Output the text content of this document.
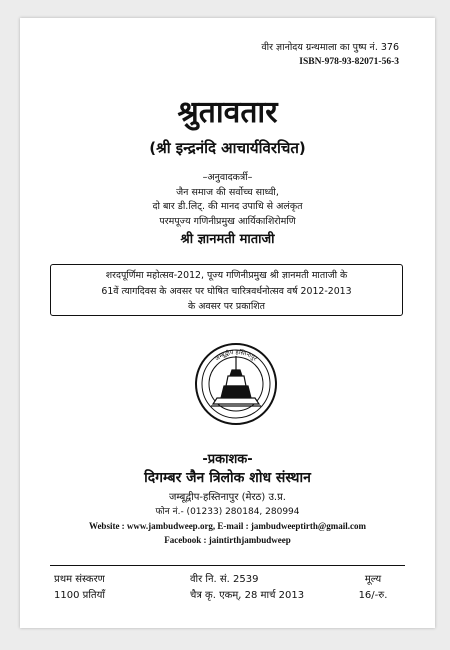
वीर ज्ञानोदय ग्रन्थमाला का पुष्प नं. 376
ISBN-978-93-82071-56-3
श्रुतावतार
(श्री इन्द्रनंदि आचार्यविरचित)
–अनुवादकर्त्री–
जैन समाज की सर्वोच्च साध्वी,
दो बार डी.लिट्. की मानद उपाधि से अलंकृत
परमपूज्य गणिनीप्रमुख आर्यिकाशिरोमणि
श्री ज्ञानमती माताजी
शरदपूर्णिमा महोत्सव-2012, पूज्य गणिनीप्रमुख श्री ज्ञानमती माताजी के
61वें त्यागदिवस के अवसर पर घोषित चारित्रवर्धनोत्सव वर्ष 2012-2013
के अवसर पर प्रकाशित
जम्बूद्वीप हस्तिनापुर
-प्रकाशक-
दिगम्बर जैन त्रिलोक शोध संस्थान
जम्बूद्वीप-हस्तिनापुर (मेरठ) उ.प्र.
फोन नं.- (01233) 280184, 280994
Website : www.jambudweep.org, E-mail : jambudweeptirth@gmail.com
Facebook : jaintirthjambudweep
प्रथम संस्करण
1100 प्रतियाँ
वीर नि. सं. 2539
चैत्र कृ. एकम्, 28 मार्च 2013
मूल्य
16/-रु.
